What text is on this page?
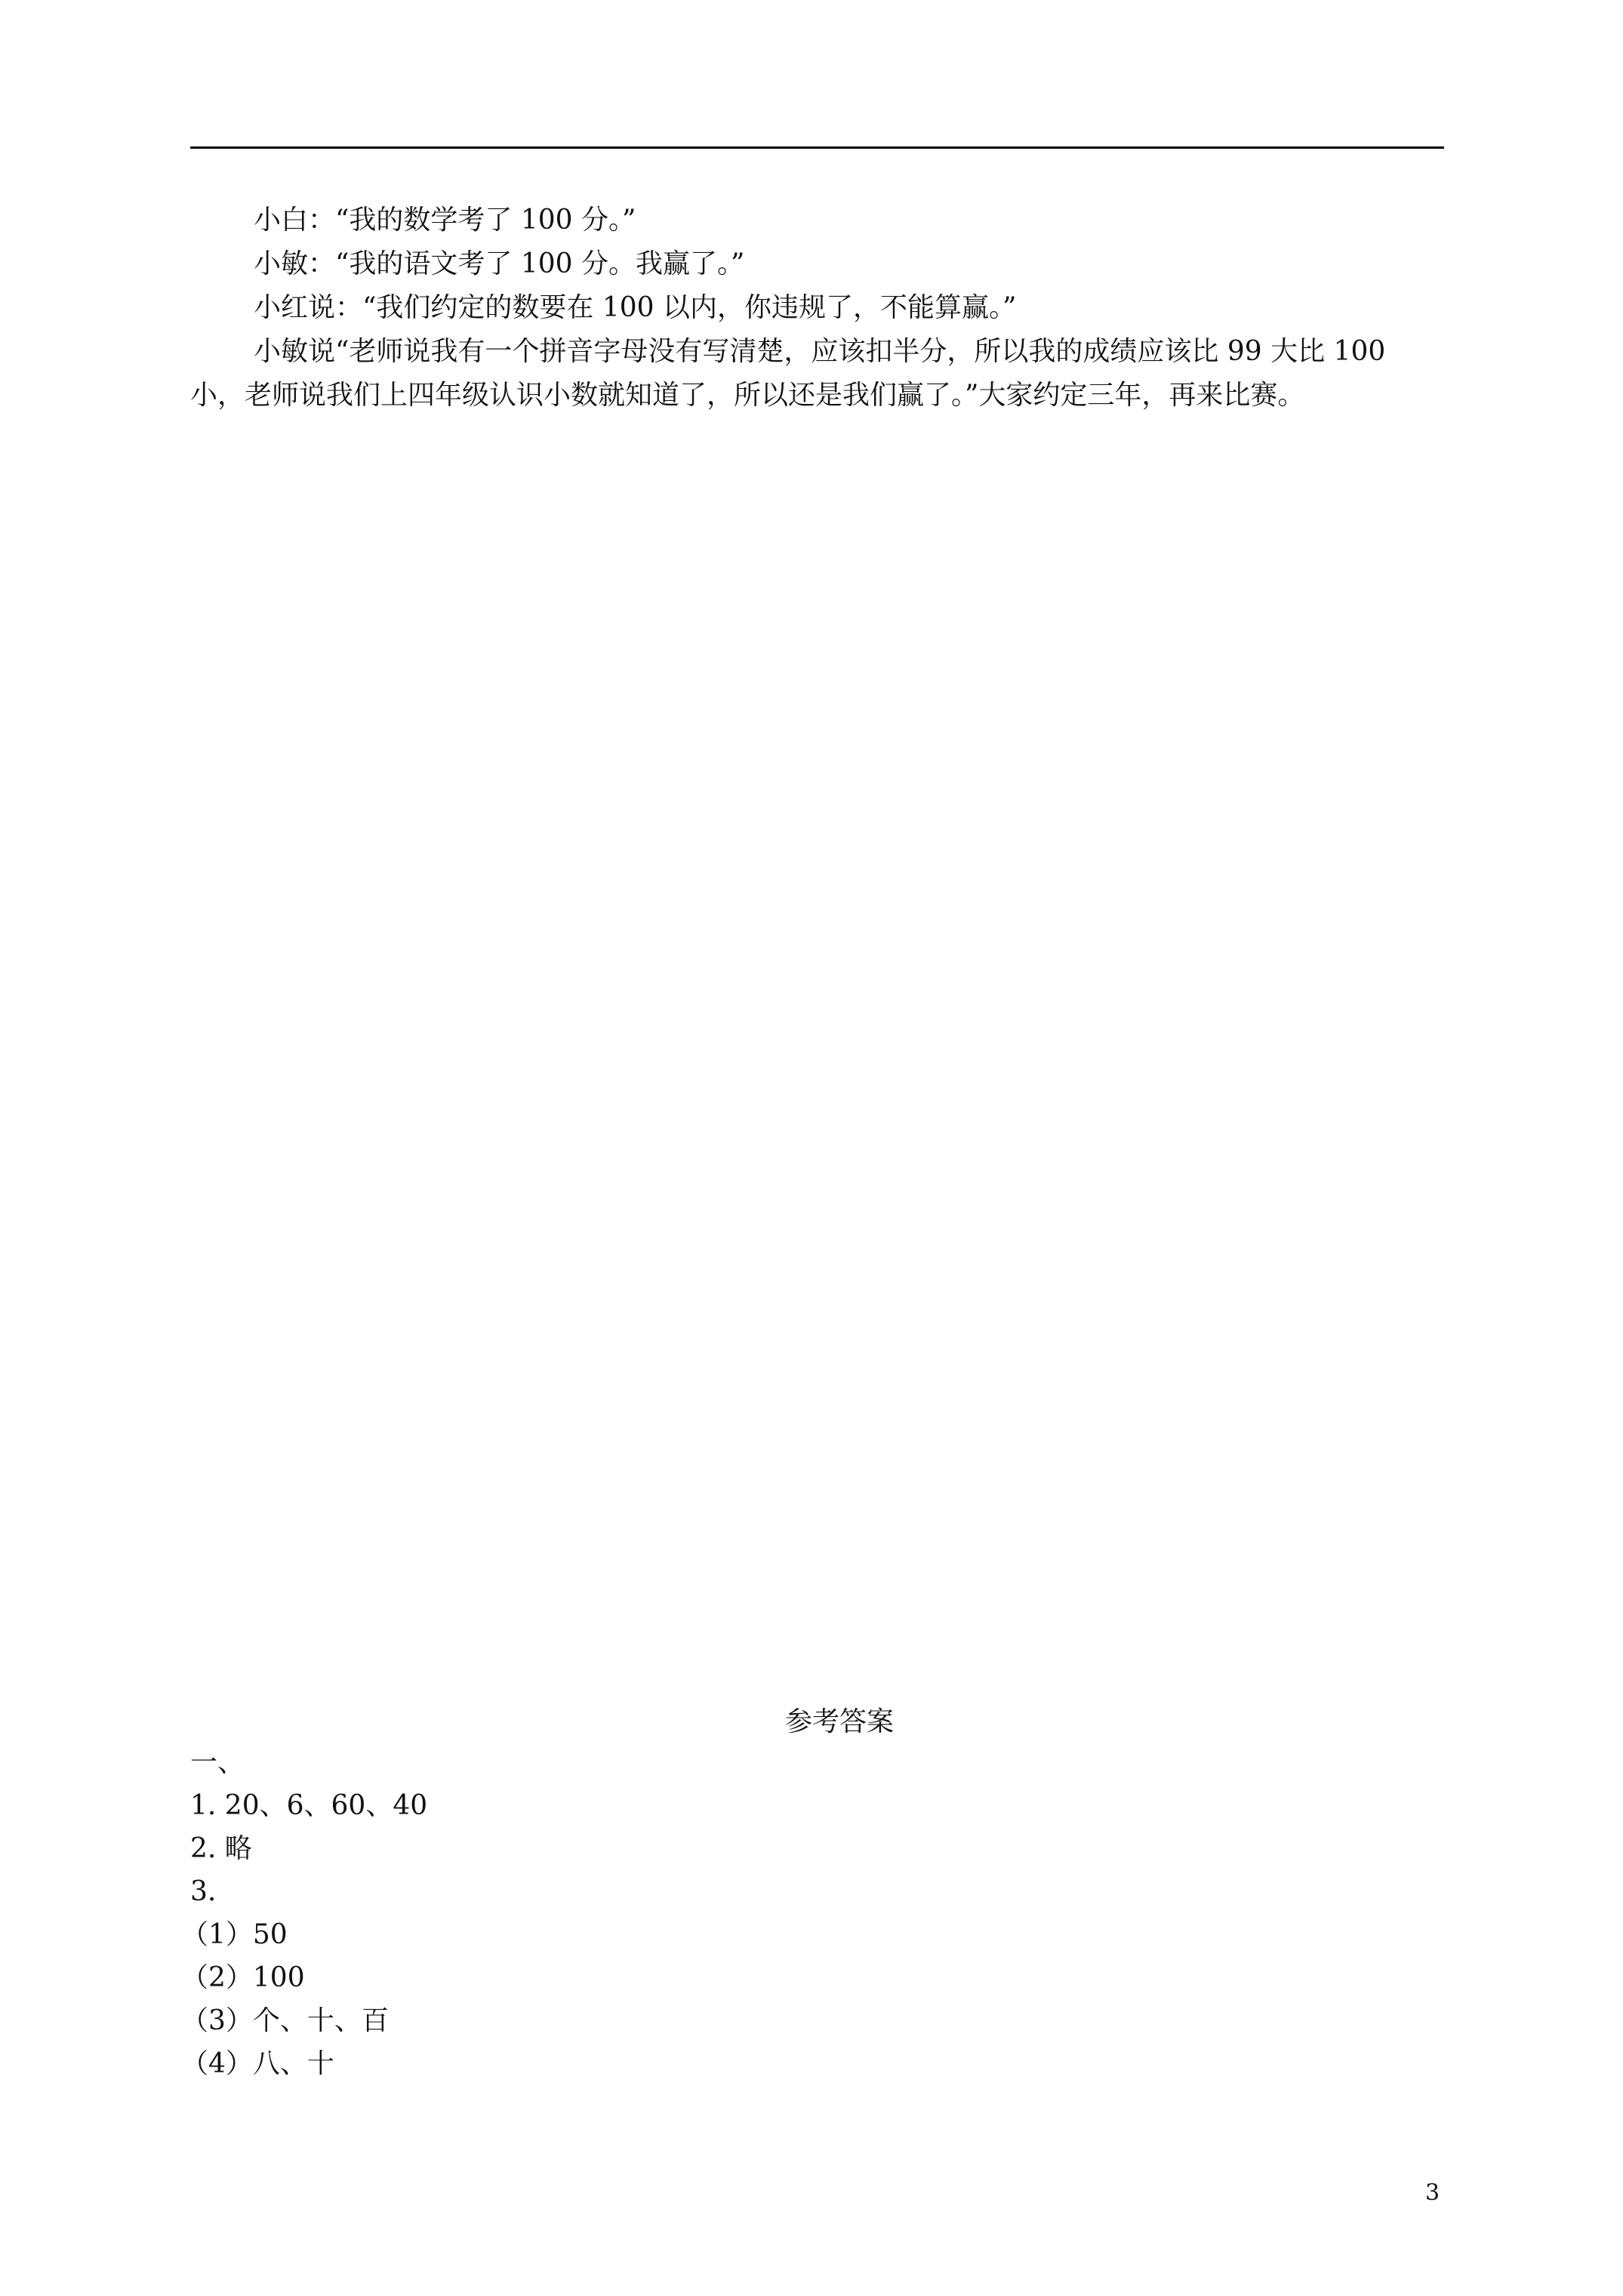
小白：“我的数学考了 100 分。”

小敏：“我的语文考了 100 分。我赢了。”

小红说：“我们约定的数要在 100 以内，你违规了，不能算赢。”

小敏说“老师说我有一个拼音字母没有写清楚，应该扣半分，所以我的成绩应该比 99 大比 100 小，老师说我们上四年级认识小数就知道了，所以还是我们赢了。”大家约定三年，再来比赛。

参考答案
一、
1. 20、6、60、40
2. 略
3.
（1）50
（2）100
（3）个、十、百
（4）八、十
3
